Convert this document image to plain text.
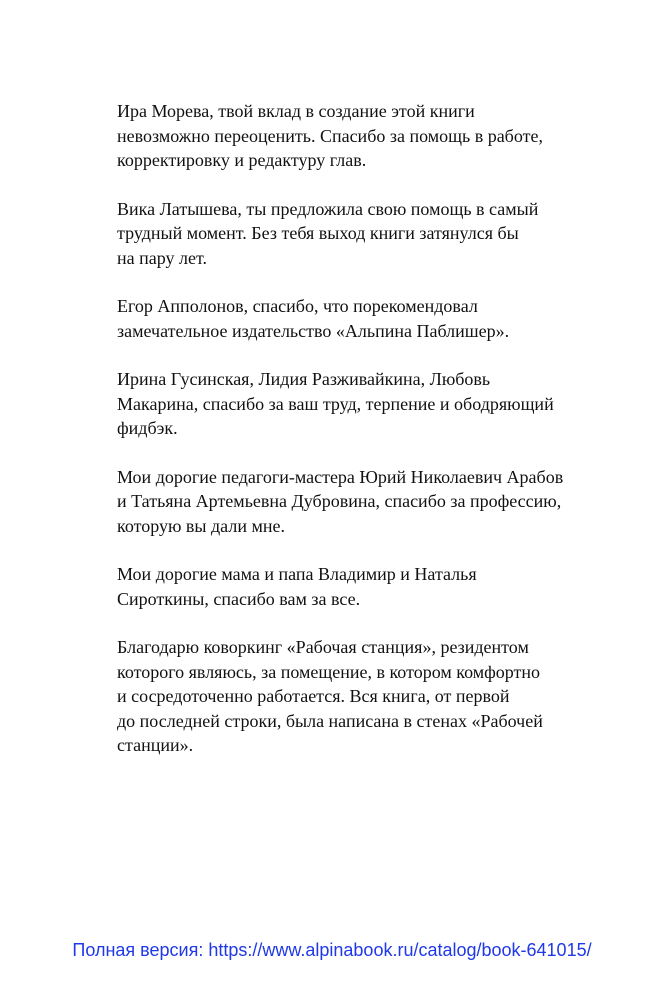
Ира Морева, твой вклад в создание этой книги
невозможно переоценить. Спасибо за помощь в работе,
корректировку и редактуру глав.

Вика Латышева, ты предложила свою помощь в самый
трудный момент. Без тебя выход книги затянулся бы
на пару лет.

Егор Апполонов, спасибо, что порекомендовал
замечательное издательство «Альпина Паблишер».

Ирина Гусинская, Лидия Разживайкина, Любовь
Макарина, спасибо за ваш труд, терпение и ободряющий
фидбэк.

Мои дорогие педагоги-мастера Юрий Николаевич Арабов
и Татьяна Артемьевна Дубровина, спасибо за профессию,
которую вы дали мне.

Мои дорогие мама и папа Владимир и Наталья
Сироткины, спасибо вам за все.

Благодарю коворкинг «Рабочая станция», резидентом
которого являюсь, за помещение, в котором комфортно
и сосредоточенно работается. Вся книга, от первой
до последней строки, была написана в стенах «Рабочей
станции».

Полная версия: https://www.alpinabook.ru/catalog/book-641015/
